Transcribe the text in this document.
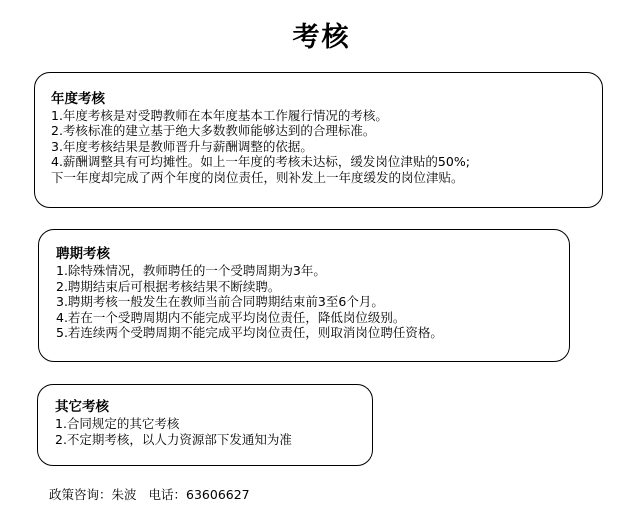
考核
年度考核
1.年度考核是对受聘教师在本年度基本工作履行情况的考核。
2.考核标准的建立基于绝大多数教师能够达到的合理标准。
3.年度考核结果是教师晋升与薪酬调整的依据。
4.薪酬调整具有可均摊性。如上一年度的考核未达标，缓发岗位津贴的50%;
下一年度却完成了两个年度的岗位责任，则补发上一年度缓发的岗位津贴。
聘期考核
1.除特殊情况，教师聘任的一个受聘周期为3年。
2.聘期结束后可根据考核结果不断续聘。
3.聘期考核一般发生在教师当前合同聘期结束前3至6个月。
4.若在一个受聘周期内不能完成平均岗位责任，降低岗位级别。
5.若连续两个受聘周期不能完成平均岗位责任，则取消岗位聘任资格。
其它考核
1.合同规定的其它考核
2.不定期考核，以人力资源部下发通知为准
政策咨询：朱波 电话：63606627
